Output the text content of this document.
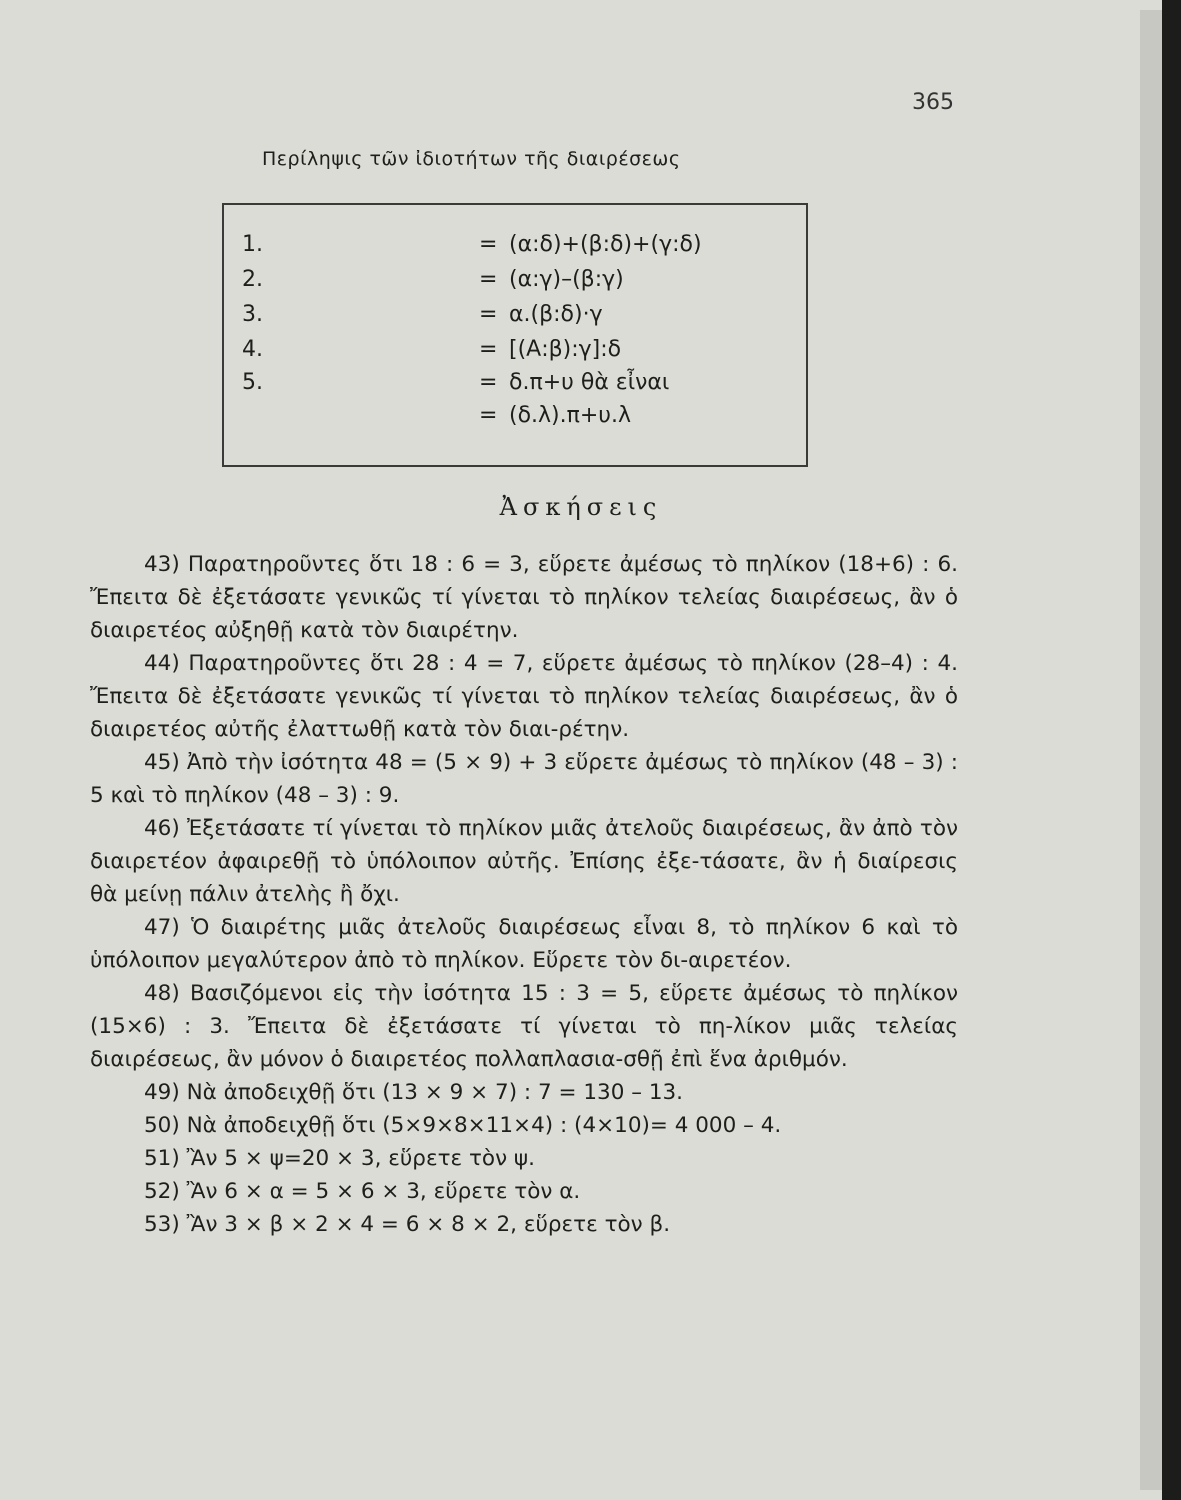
365
Περίληψις τῶν ἰδιοτήτων τῆς διαιρέσεως
1.	= (α:δ)+(β:δ)+(γ:δ)
2.	= (α:γ)–(β:γ)
3.	= α.(β:δ)·γ
4.	= [(Α:β):γ]:δ
5.	= δ.π+υ θὰ εἶναι
= (δ.λ).π+υ.λ
Ἀσκήσεις

43) Παρατηροῦντες ὅτι 18 : 6 = 3, εὕρετε ἀμέσως τὸ πηλίκον (18+6) : 6. Ἔπειτα δὲ ἐξετάσατε γενικῶς τί γίνεται τὸ πηλίκον τελείας διαιρέσεως, ἂν ὁ διαιρετέος αὐξηθῇ κατὰ τὸν διαιρέτην.

44) Παρατηροῦντες ὅτι 28 : 4 = 7, εὕρετε ἀμέσως τὸ πηλίκον (28–4) : 4. Ἔπειτα δὲ ἐξετάσατε γενικῶς τί γίνεται τὸ πηλίκον τελείας διαιρέσεως, ἂν ὁ διαιρετέος αὐτῆς ἐλαττωθῇ κατὰ τὸν διαι-ρέτην.

45) Ἀπὸ τὴν ἰσότητα 48 = (5 × 9) + 3 εὕρετε ἀμέσως τὸ πηλίκον (48 – 3) : 5 καὶ τὸ πηλίκον (48 – 3) : 9.

46) Ἐξετάσατε τί γίνεται τὸ πηλίκον μιᾶς ἀτελοῦς διαιρέσεως, ἂν ἀπὸ τὸν διαιρετέον ἀφαιρεθῇ τὸ ὑπόλοιπον αὐτῆς. Ἐπίσης ἐξε-τάσατε, ἂν ἡ διαίρεσις θὰ μείνῃ πάλιν ἀτελὴς ἢ ὄχι.

47) Ὁ διαιρέτης μιᾶς ἀτελοῦς διαιρέσεως εἶναι 8, τὸ πηλίκον 6 καὶ τὸ ὑπόλοιπον μεγαλύτερον ἀπὸ τὸ πηλίκον. Εὕρετε τὸν δι-αιρετέον.

48) Βασιζόμενοι εἰς τὴν ἰσότητα 15 : 3 = 5, εὕρετε ἀμέσως τὸ πηλίκον (15×6) : 3. Ἔπειτα δὲ ἐξετάσατε τί γίνεται τὸ πη-λίκον μιᾶς τελείας διαιρέσεως, ἂν μόνον ὁ διαιρετέος πολλαπλασια-σθῇ ἐπὶ ἕνα ἀριθμόν.

49) Νὰ ἀποδειχθῇ ὅτι (13 × 9 × 7) : 7 = 130 – 13.

50) Νὰ ἀποδειχθῇ ὅτι (5×9×8×11×4) : (4×10)= 4 000 – 4.

51) Ἂν 5 × ψ=20 × 3, εὕρετε τὸν ψ.

52) Ἂν 6 × α = 5 × 6 × 3, εὕρετε τὸν α.

53) Ἂν 3 × β × 2 × 4 = 6 × 8 × 2, εὕρετε τὸν β.
